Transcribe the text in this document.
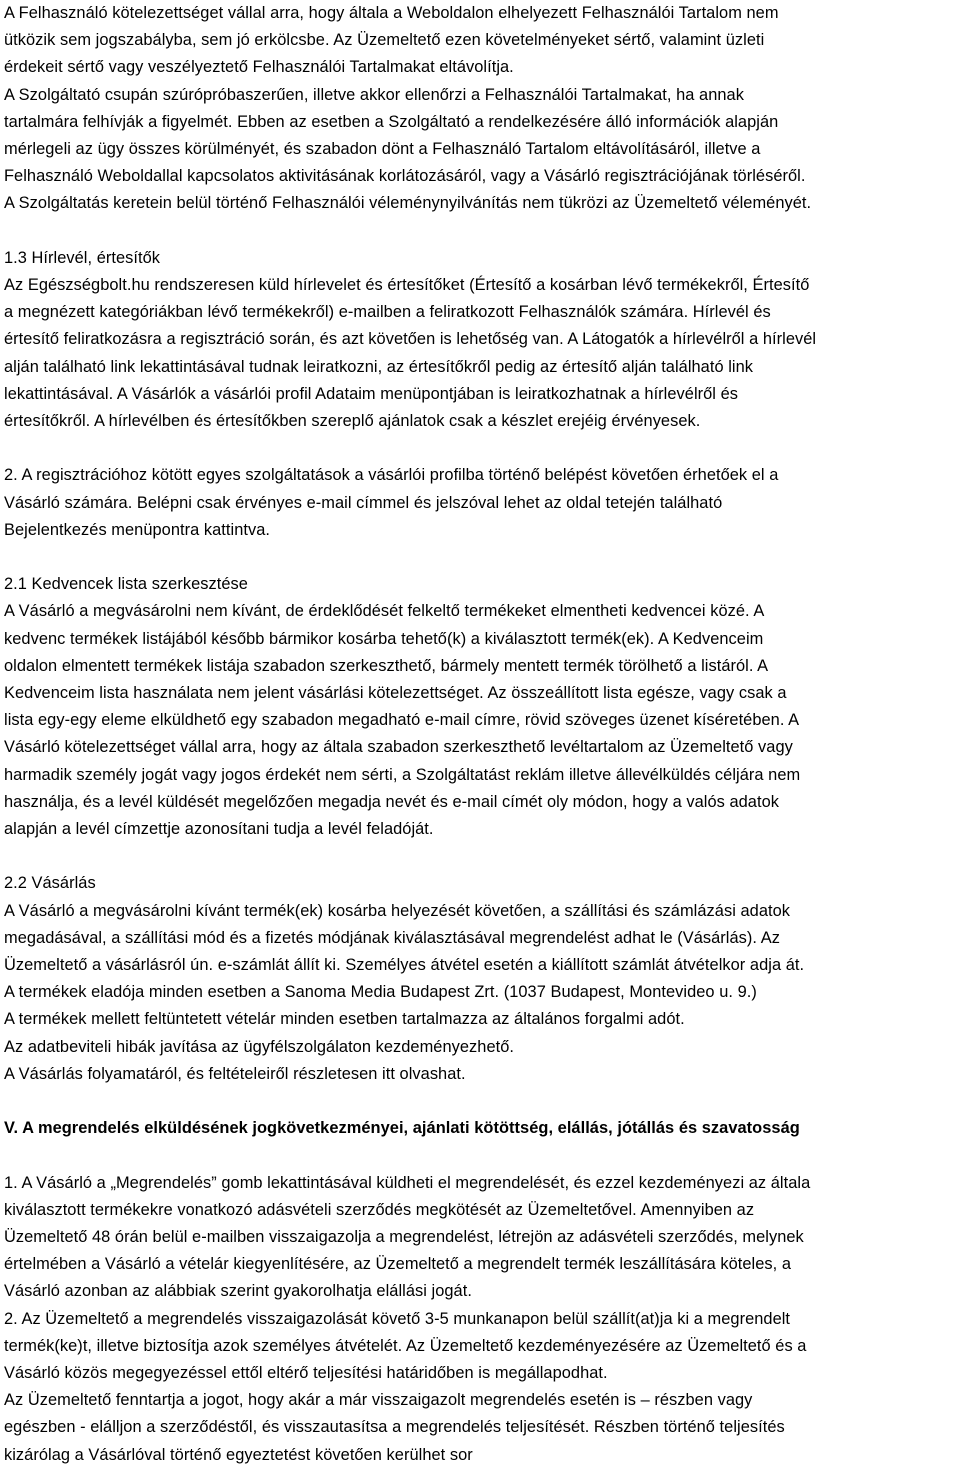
A Felhasználó kötelezettséget vállal arra, hogy általa a Weboldalon elhelyezett Felhasználói Tartalom nem
ütközik sem jogszabályba, sem jó erkölcsbe. Az Üzemeltető ezen követelményeket sértő, valamint üzleti
érdekeit sértő vagy veszélyeztető Felhasználói Tartalmakat eltávolítja.
A Szolgáltató csupán szúrópróbaszerűen, illetve akkor ellenőrzi a Felhasználói Tartalmakat, ha annak
tartalmára felhívják a figyelmét. Ebben az esetben a Szolgáltató a rendelkezésére álló információk alapján
mérlegeli az ügy összes körülményét, és szabadon dönt a Felhasználó Tartalom eltávolításáról, illetve a
Felhasználó Weboldallal kapcsolatos aktivitásának korlátozásáról, vagy a Vásárló regisztrációjának törléséről.
A Szolgáltatás keretein belül történő Felhasználói véleménynyilvánítás nem tükrözi az Üzemeltető véleményét.

1.3 Hírlevél, értesítők
Az Egészségbolt.hu rendszeresen küld hírlevelet és értesítőket (Értesítő a kosárban lévő termékekről, Értesítő
a megnézett kategóriákban lévő termékekről) e-mailben a feliratkozott Felhasználók számára. Hírlevél és
értesítő feliratkozásra a regisztráció során, és azt követően is lehetőség van. A Látogatók a hírlevélről a hírlevél
alján található link lekattintásával tudnak leiratkozni, az értesítőkről pedig az értesítő alján található link
lekattintásával. A Vásárlók a vásárlói profil Adataim menüpontjában is leiratkozhatnak a hírlevélről és
értesítőkről. A hírlevélben és értesítőkben szereplő ajánlatok csak a készlet erejéig érvényesek.

2. A regisztrációhoz kötött egyes szolgáltatások a vásárlói profilba történő belépést követően érhetőek el a
Vásárló számára. Belépni csak érvényes e-mail címmel és jelszóval lehet az oldal tetején található
Bejelentkezés menüpontra kattintva.

2.1 Kedvencek lista szerkesztése
A Vásárló a megvásárolni nem kívánt, de érdeklődését felkeltő termékeket elmentheti kedvencei közé. A
kedvenc termékek listájából később bármikor kosárba tehető(k) a kiválasztott termék(ek). A Kedvenceim
oldalon elmentett termékek listája szabadon szerkeszthető, bármely mentett termék törölhető a listáról. A
Kedvenceim lista használata nem jelent vásárlási kötelezettséget. Az összeállított lista egésze, vagy csak a
lista egy-egy eleme elküldhető egy szabadon megadható e-mail címre, rövid szöveges üzenet kíséretében. A
Vásárló kötelezettséget vállal arra, hogy az általa szabadon szerkeszthető levéltartalom az Üzemeltető vagy
harmadik személy jogát vagy jogos érdekét nem sérti, a Szolgáltatást reklám illetve állevélküldés céljára nem
használja, és a levél küldését megelőzően megadja nevét és e-mail címét oly módon, hogy a valós adatok
alapján a levél címzettje azonosítani tudja a levél feladóját.

2.2 Vásárlás
A Vásárló a megvásárolni kívánt termék(ek) kosárba helyezését követően, a szállítási és számlázási adatok
megadásával, a szállítási mód és a fizetés módjának kiválasztásával megrendelést adhat le (Vásárlás). Az
Üzemeltető a vásárlásról ún. e-számlát állít ki. Személyes átvétel esetén a kiállított számlát átvételkor adja át.
A termékek eladója minden esetben a Sanoma Media Budapest Zrt. (1037 Budapest, Montevideo u. 9.)
A termékek mellett feltüntetett vételár minden esetben tartalmazza az általános forgalmi adót.
Az adatbeviteli hibák javítása az ügyfélszolgálaton kezdeményezhető.
A Vásárlás folyamatáról, és feltételeiről részletesen itt olvashat.

V. A megrendelés elküldésének jogkövetkezményei, ajánlati kötöttség, elállás, jótállás és szavatosság

1. A Vásárló a „Megrendelés” gomb lekattintásával küldheti el megrendelését, és ezzel kezdeményezi az általa
kiválasztott termékekre vonatkozó adásvételi szerződés megkötését az Üzemeltetővel. Amennyiben az
Üzemeltető 48 órán belül e-mailben visszaigazolja a megrendelést, létrejön az adásvételi szerződés, melynek
értelmében a Vásárló a vételár kiegyenlítésére, az Üzemeltető a megrendelt termék leszállítására köteles, a
Vásárló azonban az alábbiak szerint gyakorolhatja elállási jogát.
2. Az Üzemeltető a megrendelés visszaigazolását követő 3-5 munkanapon belül szállít(at)ja ki a megrendelt
termék(ke)t, illetve biztosítja azok személyes átvételét. Az Üzemeltető kezdeményezésére az Üzemeltető és a
Vásárló közös megegyezéssel ettől eltérő teljesítési határidőben is megállapodhat.
Az Üzemeltető fenntartja a jogot, hogy akár a már visszaigazolt megrendelés esetén is – részben vagy
egészben - elálljon a szerződéstől, és visszautasítsa a megrendelés teljesítését. Részben történő teljesítés
kizárólag a Vásárlóval történő egyeztetést követően kerülhet sor
